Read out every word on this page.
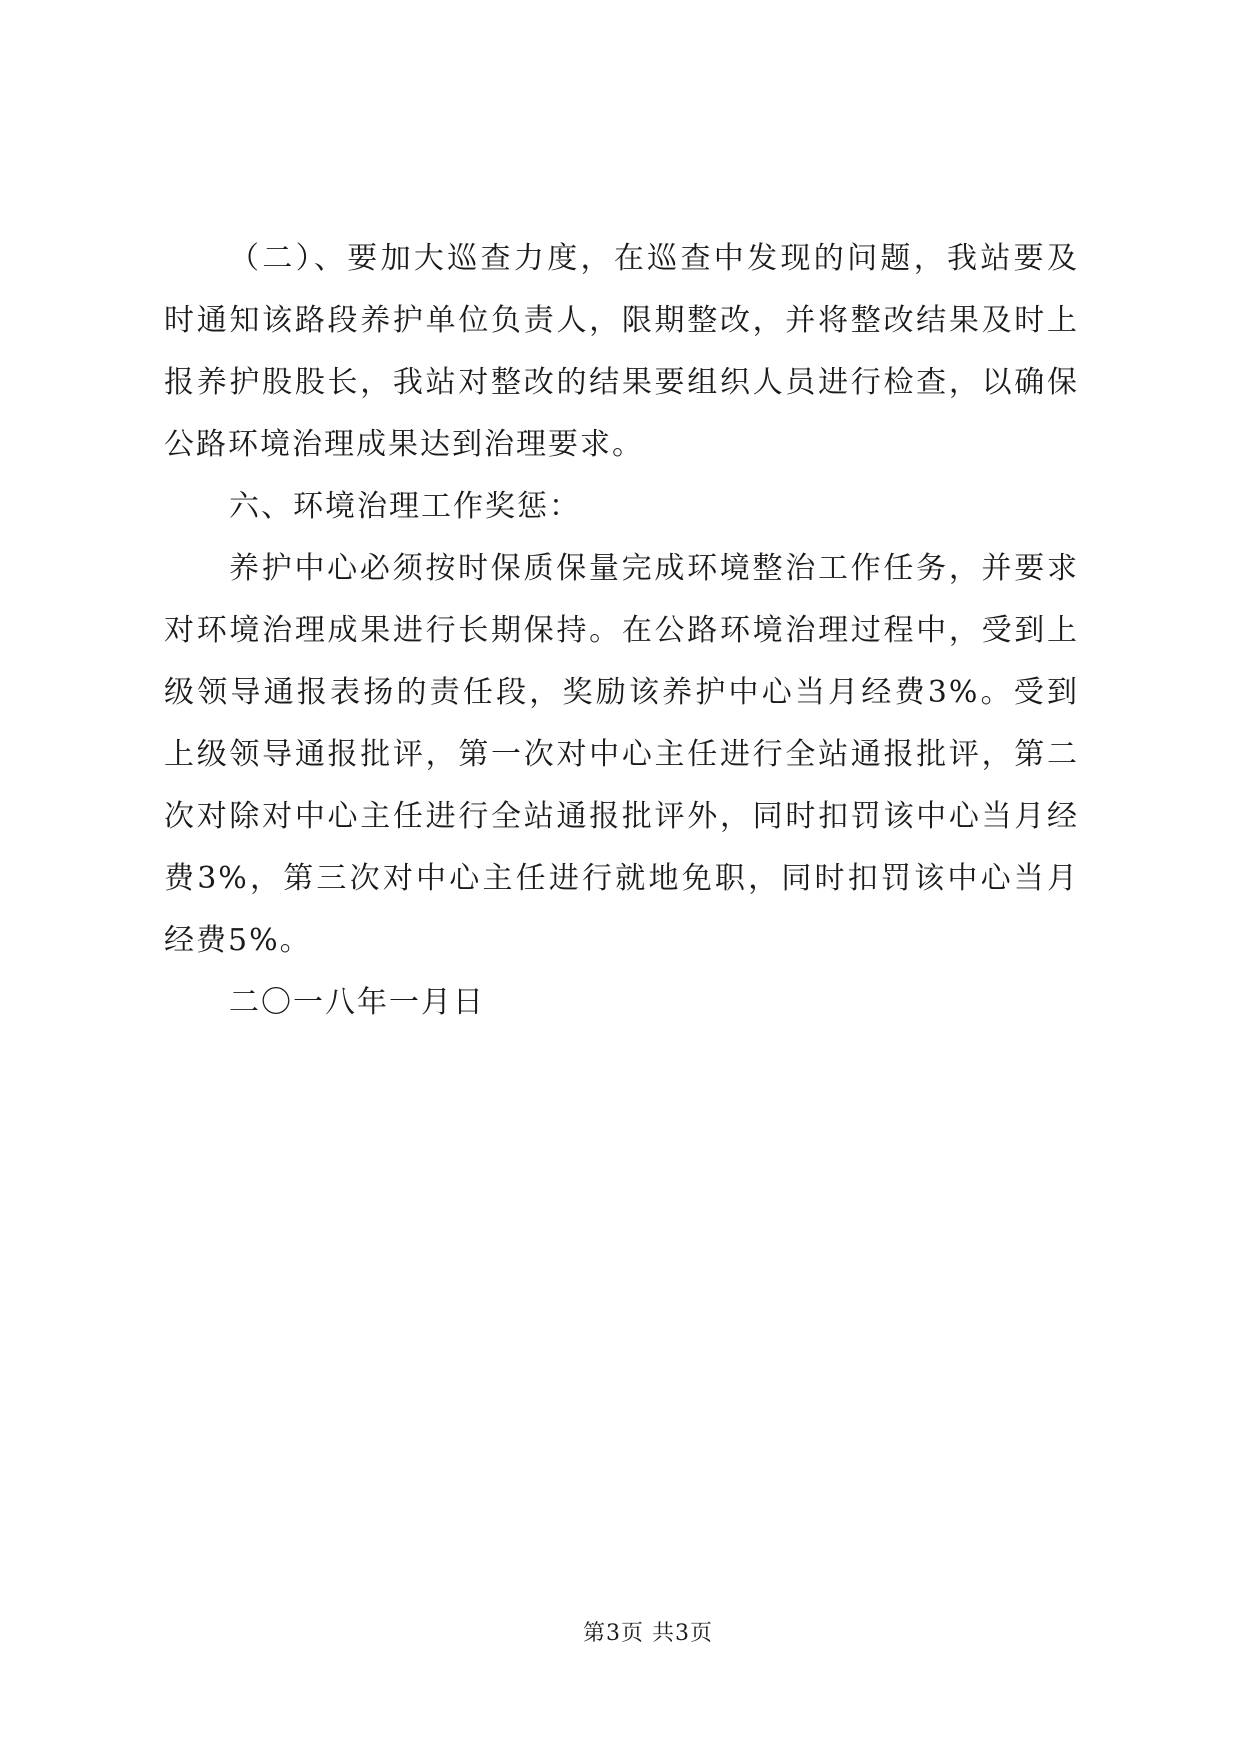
（二）、要加大巡查力度，在巡查中发现的问题，我站要及
时通知该路段养护单位负责人，限期整改，并将整改结果及时上
报养护股股长，我站对整改的结果要组织人员进行检查，以确保
公路环境治理成果达到治理要求。
六、环境治理工作奖惩：
养护中心必须按时保质保量完成环境整治工作任务，并要求
对环境治理成果进行长期保持。在公路环境治理过程中，受到上
级领导通报表扬的责任段，奖励该养护中心当月经费3%。受到
上级领导通报批评，第一次对中心主任进行全站通报批评，第二
次对除对中心主任进行全站通报批评外，同时扣罚该中心当月经
费3%，第三次对中心主任进行就地免职，同时扣罚该中心当月
经费5%。
二〇一八年一月日
第3页 共3页
